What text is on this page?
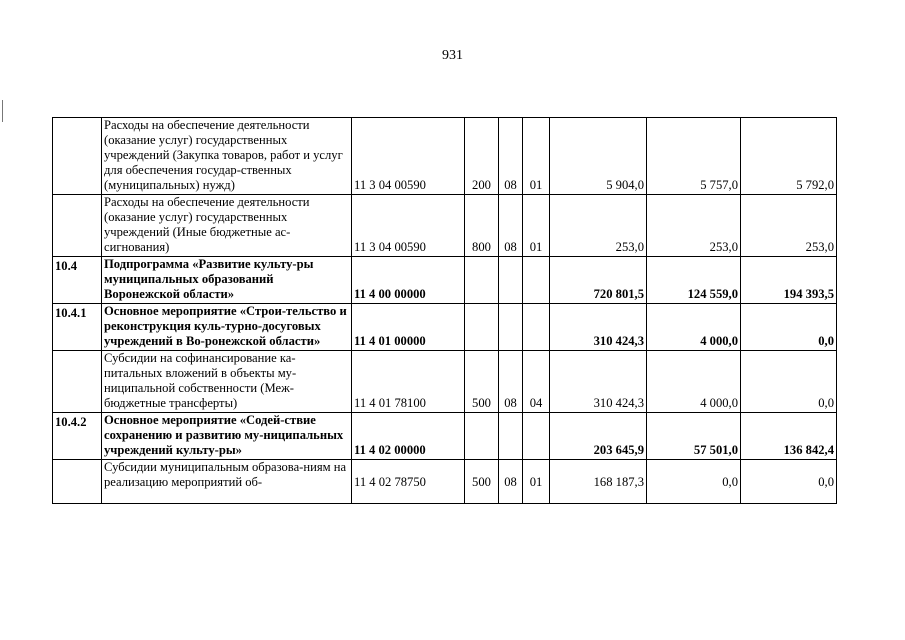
931
	Расходы на обеспечение деятельности (оказание услуг) государственных учреждений (Закупка товаров, работ и услуг для обеспечения государ-ственных (муниципальных) нужд)	11 3 04 00590	200	08	01	5 904,0	5 757,0	5 792,0
	Расходы на обеспечение деятельности (оказание услуг) государственных учреждений (Иные бюджетные ас-сигнования)	11 3 04 00590	800	08	01	253,0	253,0	253,0
10.4	Подпрограмма «Развитие культу-ры муниципальных образований Воронежской области»	11 4 00 00000				720 801,5	124 559,0	194 393,5
10.4.1	Основное мероприятие «Строи-тельство и реконструкция куль-турно-досуговых учреждений в Во-ронежской области»	11 4 01 00000				310 424,3	4 000,0	0,0
	Субсидии на софинансирование ка-питальных вложений в объекты му-ниципальной собственности (Меж-бюджетные трансферты)	11 4 01 78100	500	08	04	310 424,3	4 000,0	0,0
10.4.2	Основное мероприятие «Содей-ствие сохранению и развитию му-ниципальных учреждений культу-ры»	11 4 02 00000				203 645,9	57 501,0	136 842,4
	Субсидии муниципальным образова-ниям на реализацию мероприятий об-	11 4 02 78750	500	08	01	168 187,3	0,0	0,0
